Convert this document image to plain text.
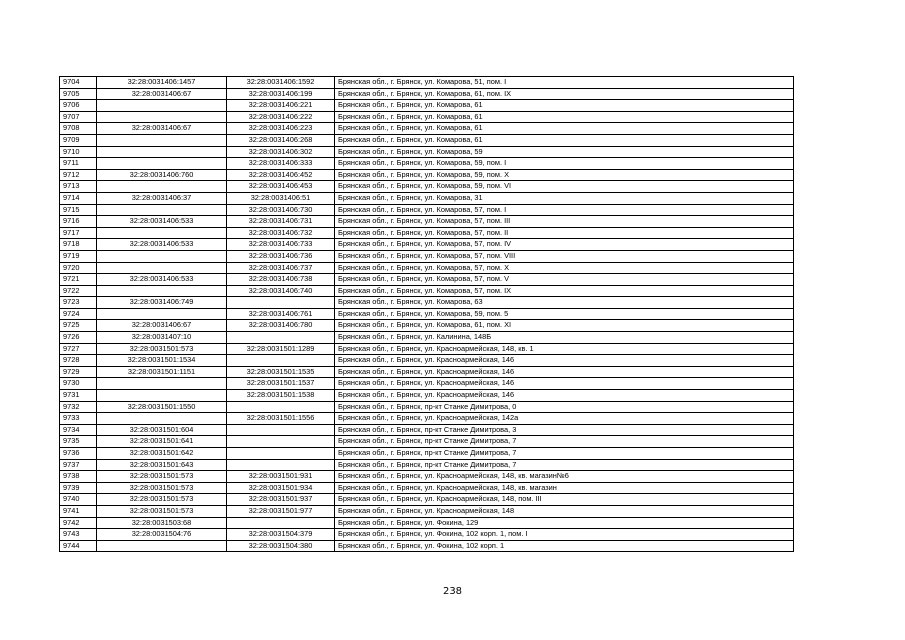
9704	32:28:0031406:1457	32:28:0031406:1592	Брянская обл., г. Брянск, ул. Комарова, 51, пом. I
9705	32:28:0031406:67	32:28:0031406:199	Брянская обл., г. Брянск, ул. Комарова, 61, пом. IX
9706		32:28:0031406:221	Брянская обл., г. Брянск, ул. Комарова, 61
9707		32:28:0031406:222	Брянская обл., г. Брянск, ул. Комарова, 61
9708	32:28:0031406:67	32:28:0031406:223	Брянская обл., г. Брянск, ул. Комарова, 61
9709		32:28:0031406:268	Брянская обл., г. Брянск, ул. Комарова, 61
9710		32:28:0031406:302	Брянская обл., г. Брянск, ул. Комарова, 59
9711		32:28:0031406:333	Брянская обл., г. Брянск, ул. Комарова, 59, пом. I
9712	32:28:0031406:760	32:28:0031406:452	Брянская обл., г. Брянск, ул. Комарова, 59, пом. X
9713		32:28:0031406:453	Брянская обл., г. Брянск, ул. Комарова, 59, пом. VI
9714	32:28:0031406:37	32:28:0031406:51	Брянская обл., г. Брянск, ул. Комарова, 31
9715		32:28:0031406:730	Брянская обл., г. Брянск, ул. Комарова, 57, пом. I
9716	32:28:0031406:533	32:28:0031406:731	Брянская обл., г. Брянск, ул. Комарова, 57, пом. III
9717		32:28:0031406:732	Брянская обл., г. Брянск, ул. Комарова, 57, пом. II
9718	32:28:0031406:533	32:28:0031406:733	Брянская обл., г. Брянск, ул. Комарова, 57, пом. IV
9719		32:28:0031406:736	Брянская обл., г. Брянск, ул. Комарова, 57, пом. VIII
9720		32:28:0031406:737	Брянская обл., г. Брянск, ул. Комарова, 57, пом. X
9721	32:28:0031406:533	32:28:0031406:738	Брянская обл., г. Брянск, ул. Комарова, 57, пом. V
9722		32:28:0031406:740	Брянская обл., г. Брянск, ул. Комарова, 57, пом. IX
9723	32:28:0031406:749		Брянская обл., г. Брянск, ул. Комарова, 63
9724		32:28:0031406:761	Брянская обл., г. Брянск, ул. Комарова, 59, пом. 5
9725	32:28:0031406:67	32:28:0031406:780	Брянская обл., г. Брянск, ул. Комарова, 61, пом. XI
9726	32:28:0031407:10		Брянская обл., г. Брянск, ул. Калинина, 148Б
9727	32:28:0031501:573	32:28:0031501:1289	Брянская обл., г. Брянск, ул. Красноармейская, 148, кв. 1
9728	32:28:0031501:1534		Брянская обл., г. Брянск, ул. Красноармейская, 146
9729	32:28:0031501:1151	32:28:0031501:1535	Брянская обл., г. Брянск, ул. Красноармейская, 146
9730		32:28:0031501:1537	Брянская обл., г. Брянск, ул. Красноармейская, 146
9731		32:28:0031501:1538	Брянская обл., г. Брянск, ул. Красноармейская, 146
9732	32:28:0031501:1550		Брянская обл., г. Брянск, пр-кт Станке Димитрова, 0
9733		32:28:0031501:1556	Брянская обл., г. Брянск, ул. Красноармейская, 142а
9734	32:28:0031501:604		Брянская обл., г. Брянск, пр-кт Станке Димитрова, 3
9735	32:28:0031501:641		Брянская обл., г. Брянск, пр-кт Станке Димитрова, 7
9736	32:28:0031501:642		Брянская обл., г. Брянск, пр-кт Станке Димитрова, 7
9737	32:28:0031501:643		Брянская обл., г. Брянск, пр-кт Станке Димитрова, 7
9738	32:28:0031501:573	32:28:0031501:931	Брянская обл., г. Брянск, ул. Красноармейская, 148, кв. магазин№6
9739	32:28:0031501:573	32:28:0031501:934	Брянская обл., г. Брянск, ул. Красноармейская, 148, кв. магазин
9740	32:28:0031501:573	32:28:0031501:937	Брянская обл., г. Брянск, ул. Красноармейская, 148, пом. III
9741	32:28:0031501:573	32:28:0031501:977	Брянская обл., г. Брянск, ул. Красноармейская, 148
9742	32:28:0031503:68		Брянская обл., г. Брянск, ул. Фокина, 129
9743	32:28:0031504:76	32:28:0031504:379	Брянская обл., г. Брянск, ул. Фокина, 102 корп. 1, пом. I
9744		32:28:0031504:380	Брянская обл., г. Брянск, ул. Фокина, 102 корп. 1
238
